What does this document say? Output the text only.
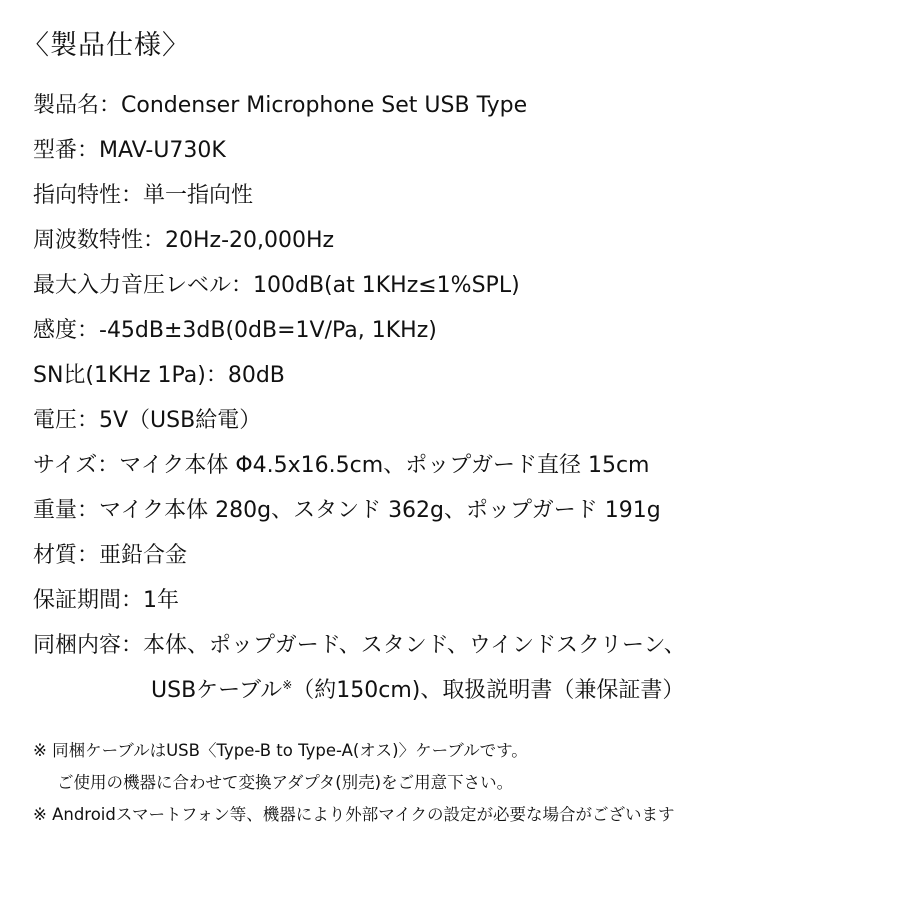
〈製品仕様〉
製品名：Condenser Microphone Set USB Type
型番：MAV-U730K
指向特性：単一指向性
周波数特性：20Hz-20,000Hz
最大入力音圧レベル：100dB(at 1KHz≤1%SPL)
感度：-45dB±3dB(0dB=1V/Pa, 1KHz)
SN比(1KHz 1Pa)：80dB
電圧：5V（USB給電）
サイズ：マイク本体 Φ4.5x16.5cm、ポップガード直径 15cm
重量：マイク本体 280g、スタンド 362g、ポップガード 191g
材質：亜鉛合金
保証期間：1年
同梱内容：本体、ポップガード、スタンド、ウインドスクリーン、
USBケーブル※（約150cm)、取扱説明書（兼保証書）
※ 同梱ケーブルはUSB〈Type-B to Type-A(オス)〉ケーブルです。
ご使用の機器に合わせて変換アダプタ(別売)をご用意下さい。
※ Androidスマートフォン等、機器により外部マイクの設定が必要な場合がございます
